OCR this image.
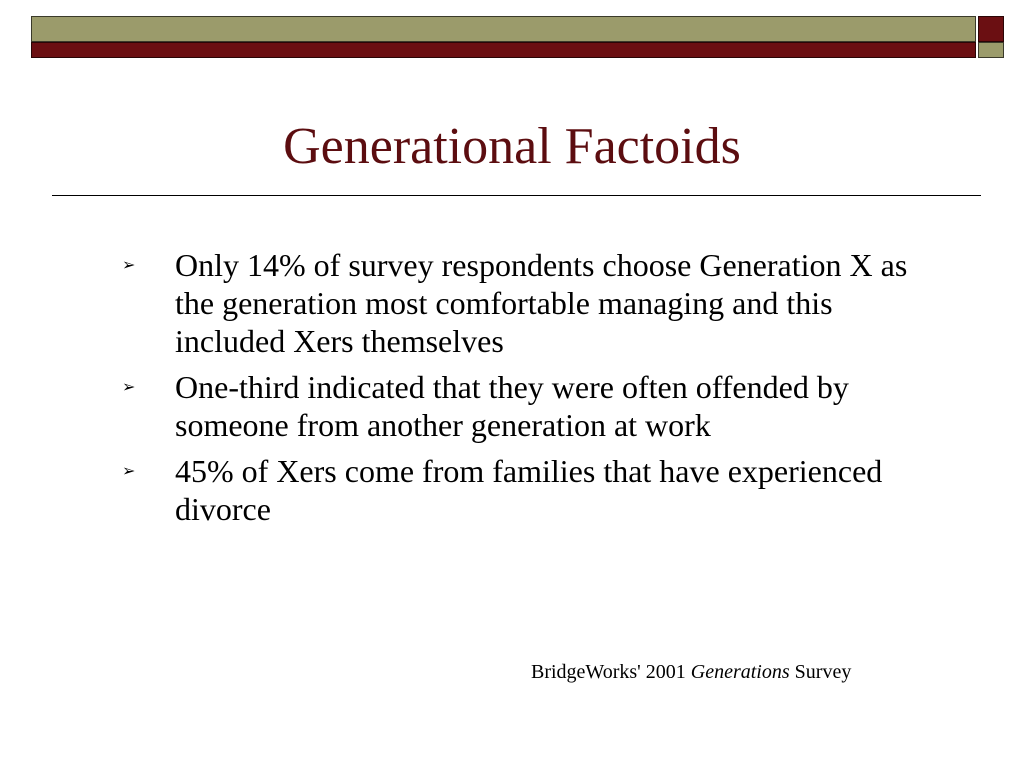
Generational Factoids
➢ Only 14% of survey respondents choose Generation X as the generation most comfortable managing and this included Xers themselves
➢ One-third indicated that they were often offended by someone from another generation at work
➢ 45% of Xers come from families that have experienced divorce
BridgeWorks' 2001 Generations Survey
